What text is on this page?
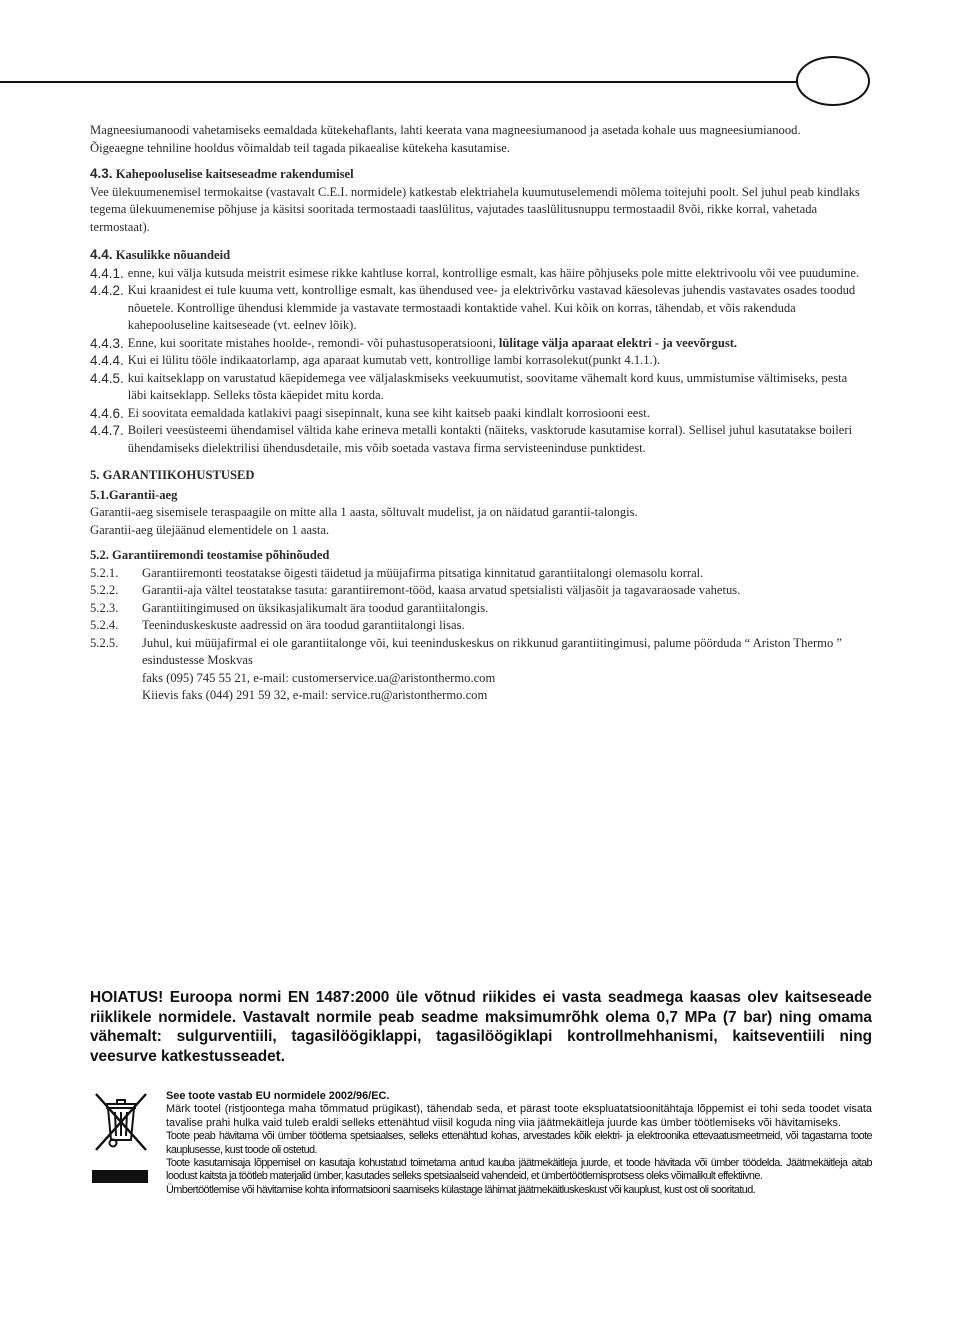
Magneesiumanoodi vahetamiseks eemaldada kütekehaflants, lahti keerata vana magneesiumanood ja asetada kohale uus magneesiumianood.

Õigeaegne tehniline hooldus võimaldab teil tagada pikaealise kütekeha kasutamise.

4.3. Kahepooluselise kaitseseadme rakendumisel

Vee ülekuumenemisel termokaitse (vastavalt C.E.I. normidele) katkestab elektriahela kuumutuselemendi mõlema toitejuhi poolt. Sel juhul peab kindlaks tegema ülekuumenemise põhjuse ja käsitsi sooritada termostaadi taaslülitus, vajutades taaslülitusnuppu termostaadil 8või, rikke korral, vahetada termostaat).

4.4. Kasulikke nõuandeid

4.4.1. enne, kui välja kutsuda meistrit esimese rikke kahtluse korral, kontrollige esmalt, kas häire põhjuseks pole mitte elektrivoolu või vee puudumine.
4.4.2. Kui kraanidest ei tule kuuma vett, kontrollige esmalt, kas ühendused vee- ja elektrivõrku vastavad käesolevas juhendis vastavates osades toodud nõuetele. Kontrollige ühendusi klemmide ja vastavate termostaadi kontaktide vahel. Kui kõik on korras, tähendab, et võis rakenduda kahepooluseline kaitseseade (vt. eelnev lõik).
4.4.3. Enne, kui sooritate mistahes hoolde-, remondi- või puhastusoperatsiooni, lülitage välja aparaat elektri - ja veevõrgust.
4.4.4. Kui ei lülitu tööle indikaatorlamp, aga aparaat kumutab vett, kontrollige lambi korrasolekut(punkt 4.1.1.).
4.4.5. kui kaitseklapp on varustatud käepidemega vee väljalaskmiseks veekuumutist, soovitame vähemalt kord kuus, ummistumise vältimiseks, pesta läbi kaitseklapp. Selleks tõsta käepidet mitu korda.
4.4.6. Ei soovitata eemaldada katlakivi paagi sisepinnalt, kuna see kiht kaitseb paaki kindlalt korrosiooni eest.
4.4.7. Boileri veesüsteemi ühendamisel vältida kahe erineva metalli kontakti (näiteks, vasktorude kasutamise korral). Sellisel juhul kasutatakse boileri ühendamiseks dielektrilisi ühendusdetaile, mis võib soetada vastava firma servisteeninduse punktidest.

5. GARANTIIKOHUSTUSED

5.1.Garantii-aeg

Garantii-aeg sisemisele teraspaagile on mitte alla 1 aasta, sõltuvalt mudelist, ja on näidatud garantii-talongis.

Garantii-aeg ülejäänud elementidele on 1 aasta.

5.2. Garantiiremondi teostamise põhinõuded

5.2.1.	Garantiiremonti teostatakse õigesti täidetud ja müüjafirma pitsatiga kinnitatud garantiitalongi olemasolu korral.
5.2.2.	Garantii-aja vältel teostatakse tasuta: garantiiremont-tööd, kaasa arvatud spetsialisti väljasõit ja tagavaraosade vahetus.
5.2.3.	Garantiitingimused on üksikasjalikumalt ära toodud garantiitalongis.
5.2.4.	Teeninduskeskuste aadressid on ära toodud garantiitalongi lisas.
5.2.5.	Juhul, kui müüjafirmal ei ole garantiitalonge või, kui teeninduskeskus on rikkunud garantiitingimusi, palume pöörduda “ Ariston Thermo ” esindustesse Moskvas
faks (095) 745 55 21, e-mail: customerservice.ua@aristonthermo.com
Kiievis faks (044) 291 59 32, e-mail: service.ru@aristonthermo.com

HOIATUS! Euroopa normi EN 1487:2000 üle võtnud riikides ei vasta seadmega kaasas olev kaitseseade riiklikele normidele. Vastavalt normile peab seadme maksimumrõhk olema 0,7 MPa (7 bar) ning omama vähemalt: sulgurventiili, tagasilöögiklappi, tagasilöögiklapi kontrollmehhanismi, kaitseventiili ning veesurve katkestusseadet.

See toote vastab EU normidele 2002/96/EC.

Märk tootel (ristjoontega maha tõmmatud prügikast), tähendab seda, et pärast toote ekspluatatsioonitähtaja lõppemist ei tohi seda toodet visata tavalise prahi hulka vaid tuleb eraldi selleks ettenähtud viisil koguda ning viia jäätmekäitleja juurde kas ümber töötlemiseks või hävitamiseks.

Toote peab hävitama või ümber töötlema spetsiaalses, selleks ettenähtud kohas, arvestades kõik elektri- ja elektroonika ettevaatusmeetmeid, või tagastama toote kauplusesse, kust toode oli ostetud.

Toote kasutamisaja lõppemisel on kasutaja kohustatud toimetama antud kauba jäätmekäitleja juurde, et toode hävitada või ümber töödelda. Jäätmekäitleja aitab loodust kaitsta ja töötleb materjalid ümber, kasutades selleks spetsiaalseid vahendeid, et ümbertöötlemisprotsess oleks võimalikult effektiivne.

Ümbertöötlemise või hävitamise kohta informatsiooni saamiseks külastage lähimat jäätmekäitluskeskust või kauplust, kust ost oli sooritatud.
